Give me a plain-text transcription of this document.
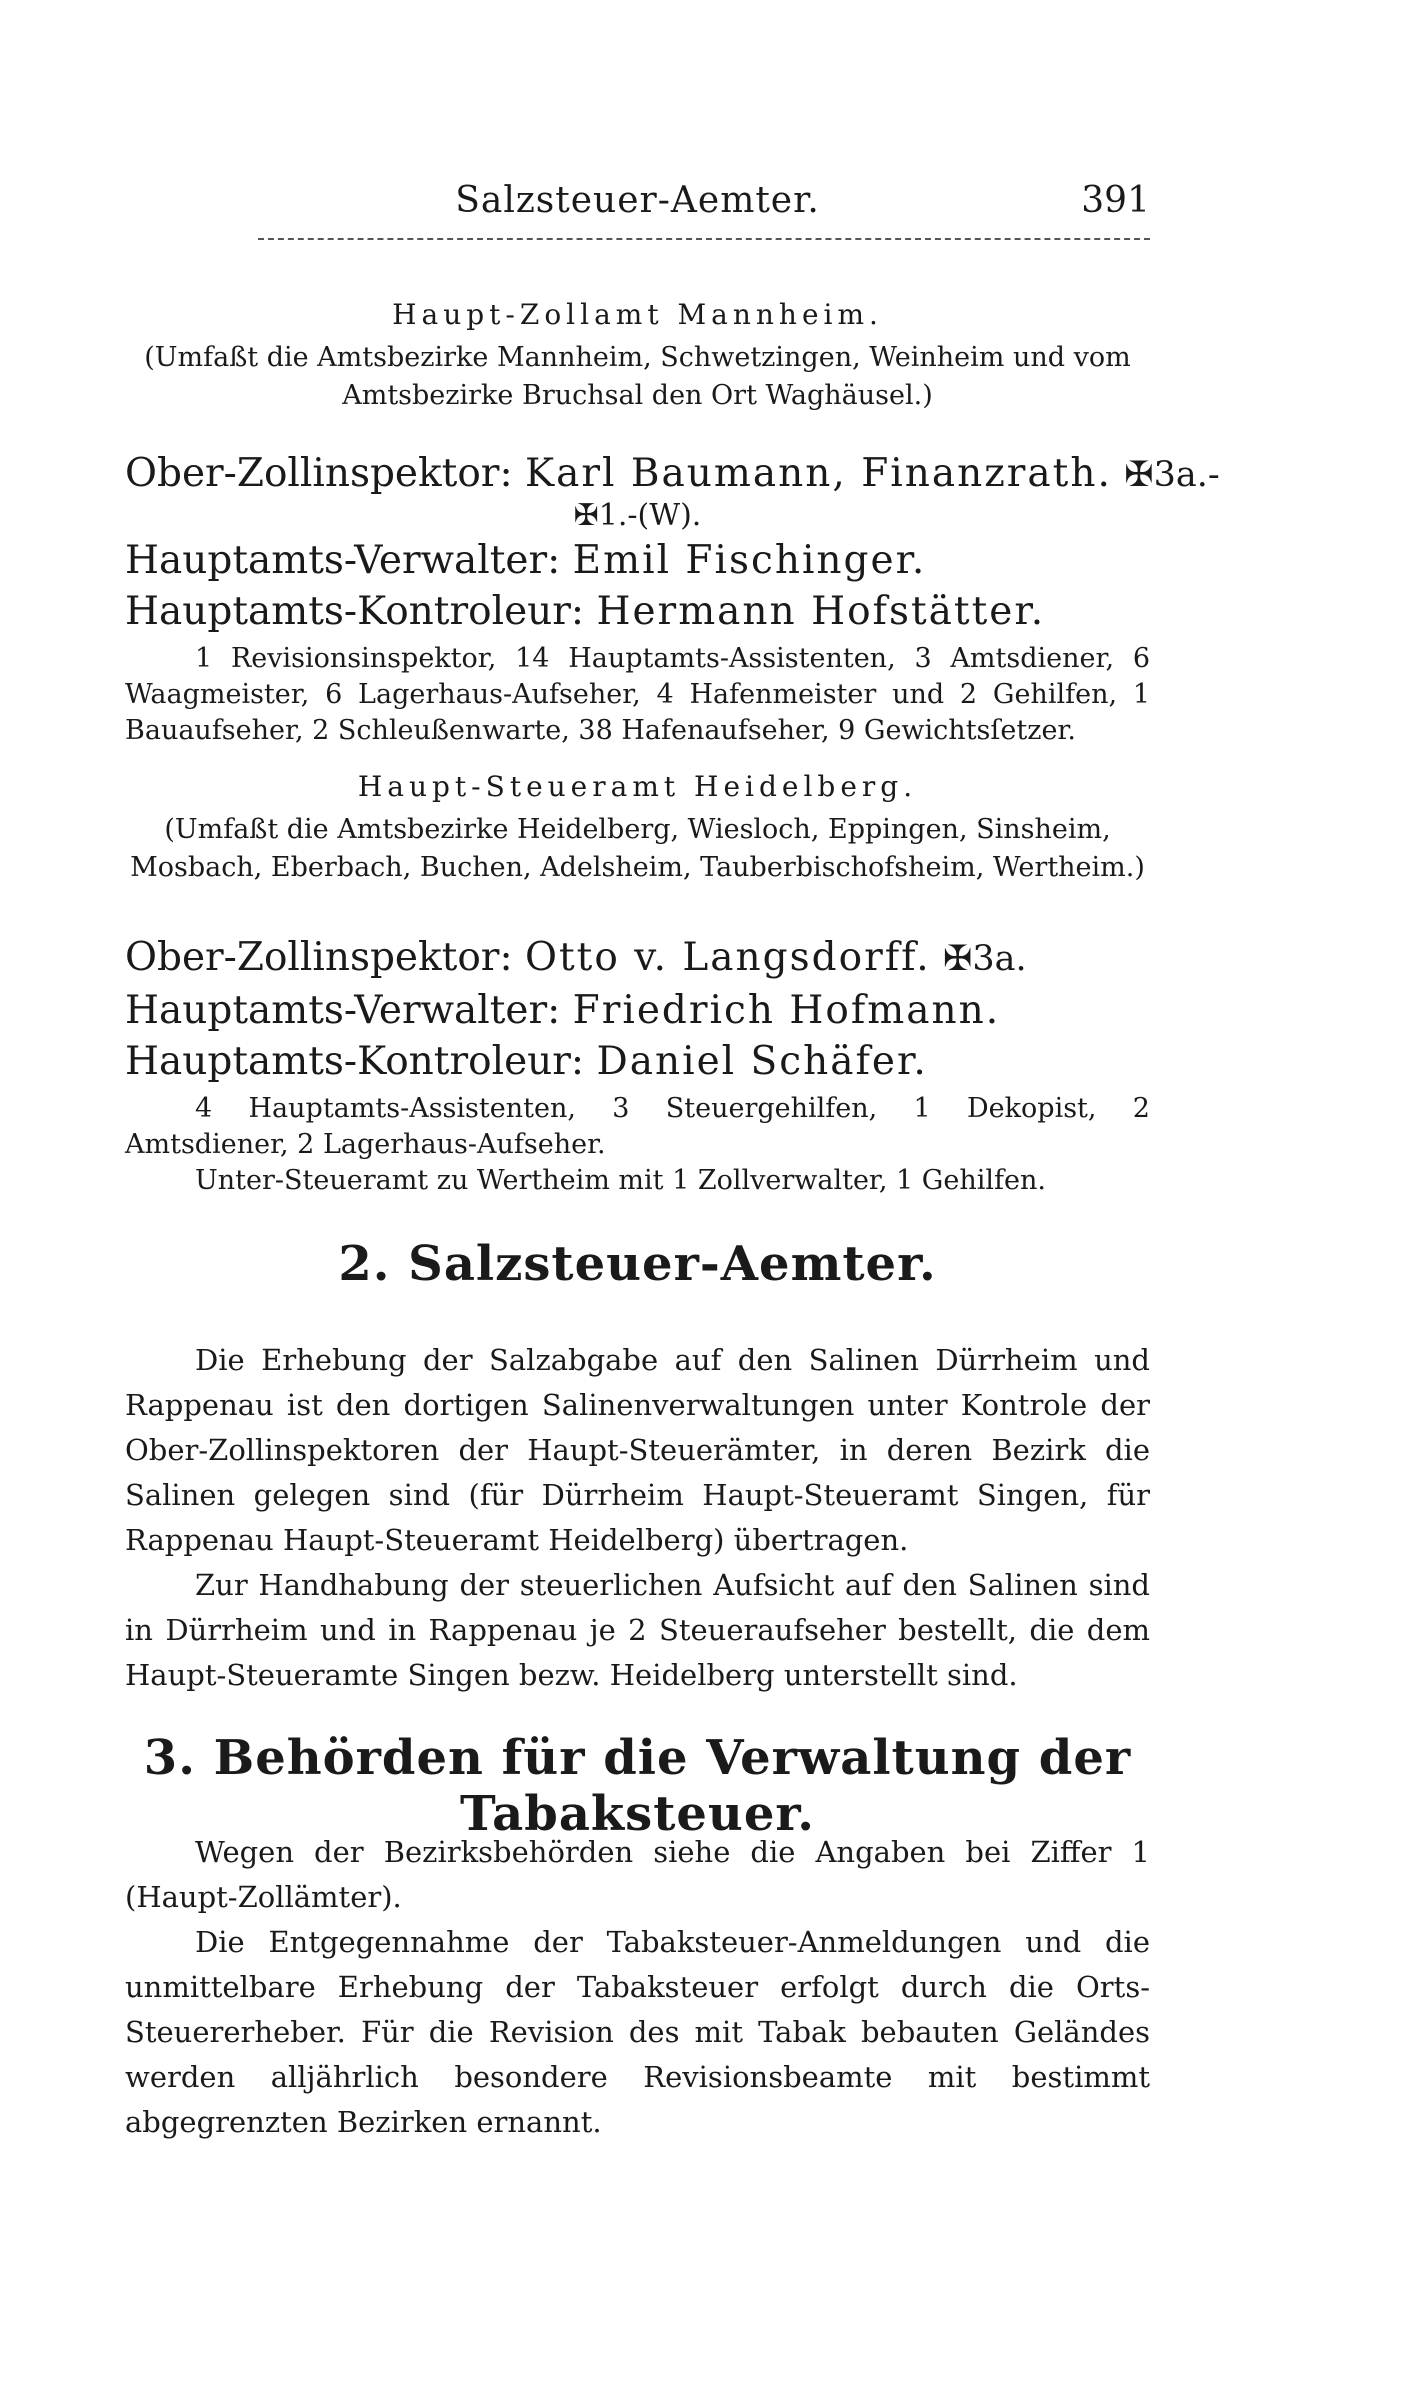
Salzsteuer-Aemter.	391

Haupt-Zollamt Mannheim.

(Umfaßt die Amtsbezirke Mannheim, Schwetzingen, Weinheim und vom Amtsbezirke Bruchsal den Ort Waghäusel.)

Ober-Zollinspektor: Karl Baumann, Finanzrath. ✠3a.-

✠1.-(W).

Hauptamts-Verwalter: Emil Fischinger.

Hauptamts-Kontroleur: Hermann Hofstätter.

1 Revisionsinspektor, 14 Hauptamts-Assistenten, 3 Amtsdiener, 6 Waagmeister, 6 Lagerhaus-Aufseher, 4 Hafenmeister und 2 Gehilfen, 1 Bauaufseher, 2 Schleußenwarte, 38 Hafenaufseher, 9 Gewichtsſetzer.

Haupt-Steueramt Heidelberg.

(Umfaßt die Amtsbezirke Heidelberg, Wiesloch, Eppingen, Sinsheim, Mosbach, Eberbach, Buchen, Adelsheim, Tauberbischofsheim, Wertheim.)

Ober-Zollinspektor: Otto v. Langsdorff. ✠3a.

Hauptamts-Verwalter: Friedrich Hofmann.

Hauptamts-Kontroleur: Daniel Schäfer.

4 Hauptamts-Assistenten, 3 Steuergehilfen, 1 Dekopist, 2 Amtsdiener, 2 Lagerhaus-Aufseher.

Unter-Steueramt zu Wertheim mit 1 Zollverwalter, 1 Gehilfen.

2. Salzsteuer-Aemter.

Die Erhebung der Salzabgabe auf den Salinen Dürrheim und Rappenau ist den dortigen Salinenverwaltungen unter Kontrole der Ober-Zollinspektoren der Haupt-Steuerämter, in deren Bezirk die Salinen gelegen sind (für Dürrheim Haupt-Steueramt Singen, für Rappenau Haupt-Steueramt Heidelberg) übertragen.

Zur Handhabung der steuerlichen Aufsicht auf den Salinen sind in Dürrheim und in Rappenau je 2 Steueraufseher bestellt, die dem Haupt-Steueramte Singen bezw. Heidelberg unterstellt sind.

3. Behörden für die Verwaltung der Tabaksteuer.

Wegen der Bezirksbehörden siehe die Angaben bei Ziffer 1 (Haupt-Zollämter).

Die Entgegennahme der Tabaksteuer-Anmeldungen und die unmittelbare Erhebung der Tabaksteuer erfolgt durch die Orts-Steuererheber. Für die Revision des mit Tabak bebauten Geländes werden alljährlich besondere Revisionsbeamte mit bestimmt abgegrenzten Bezirken ernannt.
